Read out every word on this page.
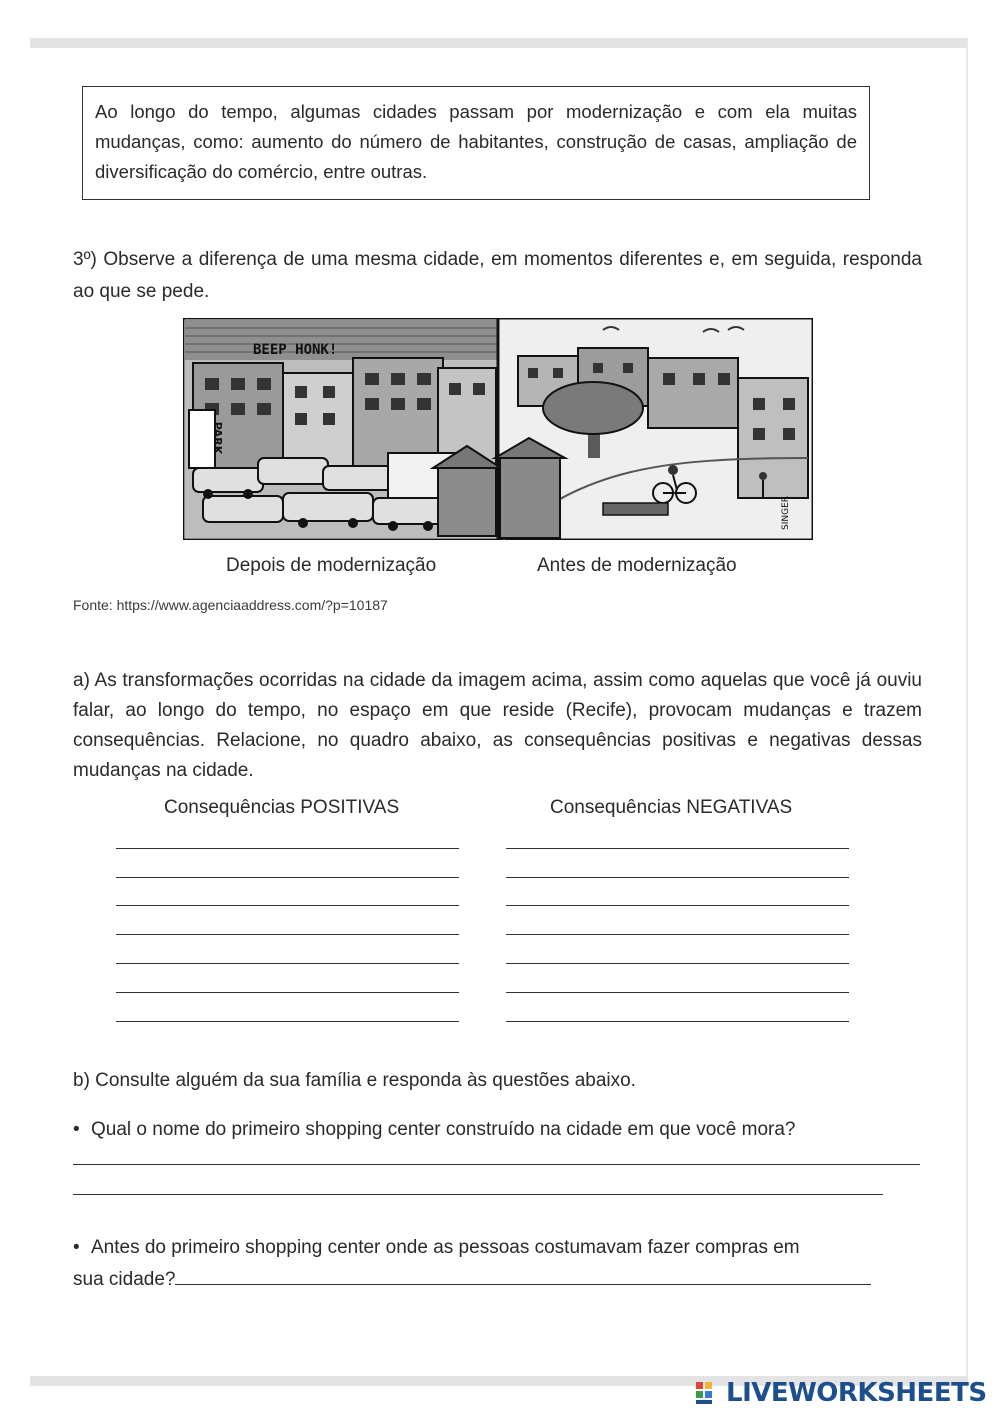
Ao longo do tempo, algumas cidades passam por modernização e com ela muitas mudanças, como: aumento do número de habitantes, construção de casas, ampliação de diversificação do comércio, entre outras.
3º) Observe a diferença de uma mesma cidade, em momentos diferentes e, em seguida, responda ao que se pede.
BEEP HONK!
PARK
SINGER
Depois de modernização	Antes de modernização
Fonte: https://www.agenciaaddress.com/?p=10187
a) As transformações ocorridas na cidade da imagem acima, assim como aquelas que você já ouviu falar, ao longo do tempo, no espaço em que reside (Recife), provocam mudanças e trazem consequências. Relacione, no quadro abaixo, as consequências positivas e negativas dessas mudanças na cidade.
Consequências POSITIVAS	Consequências NEGATIVAS
b) Consulte alguém da sua família e responda às questões abaixo.
• Qual o nome do primeiro shopping center construído na cidade em que você mora?
• Antes do primeiro shopping center onde as pessoas costumavam fazer compras em
sua cidade?
LIVEWORKSHEETS
